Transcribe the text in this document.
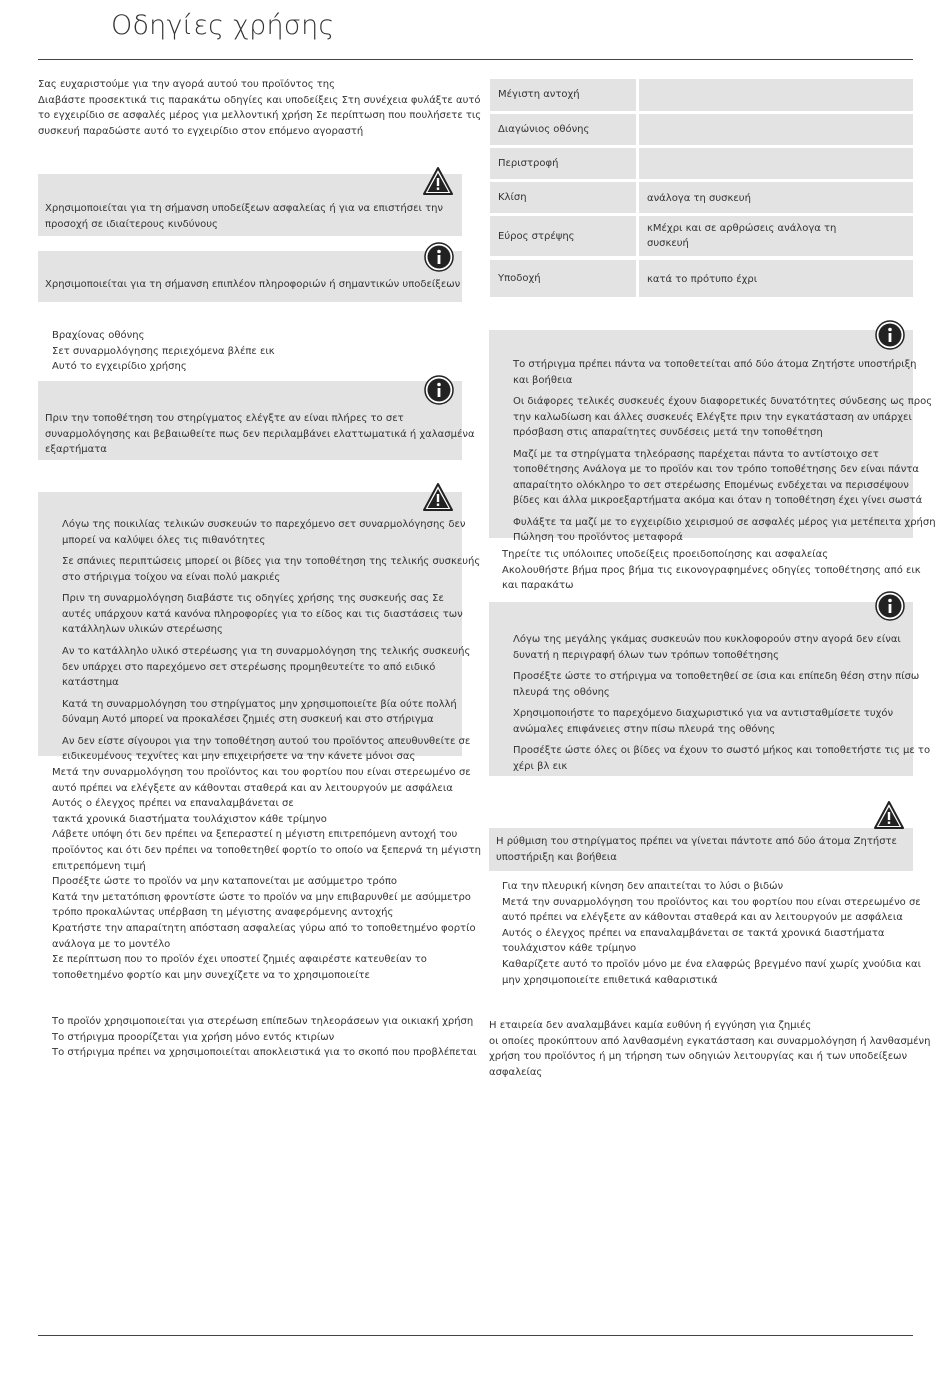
Οδηγίες χρήσης
Μέγιστη αντοχή
Διαγώνιος οθόνης
Περιστροφή
Κλίση	ανάλογα τη συσκευή
Εύρος στρέψης
κΜέχρι και σε αρθρώσεις ανάλογα τη
συσκευή
Υποδοχή	κατά το πρότυπο έχρι
Σας ευχαριστούμε για την αγορά αυτού του προϊόντος της
Διαβάστε προσεκτικά τις παρακάτω οδηγίες και υποδείξεις Στη συνέχεια φυλάξτε αυτό
το εγχειρίδιο σε ασφαλές μέρος για μελλοντική χρήση Σε περίπτωση που πουλήσετε τις
συσκευή παραδώστε αυτό το εγχειρίδιο στον επόμενο αγοραστή
Χρησιμοποιείται για τη σήμανση υποδείξεων ασφαλείας ή για να επιστήσει την
προσοχή σε ιδιαίτερους κινδύνους
Χρησιμοποιείται για τη σήμανση επιπλέον πληροφοριών ή σημαντικών υποδείξεων
Βραχίονας οθόνης
Σετ συναρμολόγησης περιεχόμενα βλέπε εικ
Αυτό το εγχειρίδιο χρήσης
Πριν την τοποθέτηση του στηρίγματος ελέγξτε αν είναι πλήρες το σετ
συναρμολόγησης και βεβαιωθείτε πως δεν περιλαμβάνει ελαττωματικά ή χαλασμένα
εξαρτήματα
Λόγω της ποικιλίας τελικών συσκευών το παρεχόμενο σετ συναρμολόγησης δεν
μπορεί να καλύψει όλες τις πιθανότητες
Σε σπάνιες περιπτώσεις μπορεί οι βίδες για την τοποθέτηση της τελικής συσκευής
στο στήριγμα τοίχου να είναι πολύ μακριές
Πριν τη συναρμολόγηση διαβάστε τις οδηγίες χρήσης της συσκευής σας Σε
αυτές υπάρχουν κατά κανόνα πληροφορίες για το είδος και τις διαστάσεις των
κατάλληλων υλικών στερέωσης
Αν το κατάλληλο υλικό στερέωσης για τη συναρμολόγηση της τελικής συσκευής
δεν υπάρχει στο παρεχόμενο σετ στερέωσης προμηθευτείτε το από ειδικό
κατάστημα
Κατά τη συναρμολόγηση του στηρίγματος μην χρησιμοποιείτε βία ούτε πολλή
δύναμη Αυτό μπορεί να προκαλέσει ζημιές στη συσκευή και στο στήριγμα
Αν δεν είστε σίγουροι για την τοποθέτηση αυτού του προϊόντος απευθυνθείτε σε
ειδικευμένους τεχνίτες και μην επιχειρήσετε να την κάνετε μόνοι σας
Μετά την συναρμολόγηση του προϊόντος και του φορτίου που είναι στερεωμένο σε
αυτό πρέπει να ελέγξετε αν κάθονται σταθερά και αν λειτουργούν με ασφάλεια
Αυτός ο έλεγχος πρέπει να επαναλαμβάνεται σε
τακτά χρονικά διαστήματα τουλάχιστον κάθε τρίμηνο
Λάβετε υπόψη ότι δεν πρέπει να ξεπεραστεί η μέγιστη επιτρεπόμενη αντοχή του
προϊόντος και ότι δεν πρέπει να τοποθετηθεί φορτίο το οποίο να ξεπερνά τη μέγιστη
επιτρεπόμενη τιμή
Προσέξτε ώστε το προϊόν να μην καταπονείται με ασύμμετρο τρόπο
Κατά την μετατόπιση φροντίστε ώστε το προϊόν να μην επιβαρυνθεί με ασύμμετρο
τρόπο προκαλώντας υπέρβαση τη μέγιστης αναφερόμενης αντοχής
Κρατήστε την απαραίτητη απόσταση ασφαλείας γύρω από το τοποθετημένο φορτίο
ανάλογα με το μοντέλο
Σε περίπτωση που το προϊόν έχει υποστεί ζημιές αφαιρέστε κατευθείαν το
τοποθετημένο φορτίο και μην συνεχίζετε να το χρησιμοποιείτε
Το προϊόν χρησιμοποιείται για στερέωση επίπεδων τηλεοράσεων για οικιακή χρήση
Το στήριγμα προορίζεται για χρήση μόνο εντός κτιρίων
Το στήριγμα πρέπει να χρησιμοποιείται αποκλειστικά για το σκοπό που προβλέπεται
Το στήριγμα πρέπει πάντα να τοποθετείται από δύο άτομα Ζητήστε υποστήριξη
και βοήθεια
Οι διάφορες τελικές συσκευές έχουν διαφορετικές δυνατότητες σύνδεσης ως προς
την καλωδίωση και άλλες συσκευές Ελέγξτε πριν την εγκατάσταση αν υπάρχει
πρόσβαση στις απαραίτητες συνδέσεις μετά την τοποθέτηση
Μαζί με τα στηρίγματα τηλεόρασης παρέχεται πάντα το αντίστοιχο σετ
τοποθέτησης Ανάλογα με το προϊόν και τον τρόπο τοποθέτησης δεν είναι πάντα
απαραίτητο ολόκληρο το σετ στερέωσης Επομένως ενδέχεται να περισσέψουν
βίδες και άλλα μικροεξαρτήματα ακόμα και όταν η τοποθέτηση έχει γίνει σωστά
Φυλάξτε τα μαζί με το εγχειρίδιο χειρισμού σε ασφαλές μέρος για μετέπειτα χρήση
Πώληση του προϊόντος μεταφορά
Τηρείτε τις υπόλοιπες υποδείξεις προειδοποίησης και ασφαλείας
Ακολουθήστε βήμα προς βήμα τις εικονογραφημένες οδηγίες τοποθέτησης από εικ
και παρακάτω
Λόγω της μεγάλης γκάμας συσκευών που κυκλοφορούν στην αγορά δεν είναι
δυνατή η περιγραφή όλων των τρόπων τοποθέτησης
Προσέξτε ώστε το στήριγμα να τοποθετηθεί σε ίσια και επίπεδη θέση στην πίσω
πλευρά της οθόνης
Χρησιμοποιήστε το παρεχόμενο διαχωριστικό για να αντισταθμίσετε τυχόν
ανώμαλες επιφάνειες στην πίσω πλευρά της οθόνης
Προσέξτε ώστε όλες οι βίδες να έχουν το σωστό μήκος και τοποθετήστε τις με το
χέρι βλ εικ
Η ρύθμιση του στηρίγματος πρέπει να γίνεται πάντοτε από δύο άτομα Ζητήστε
υποστήριξη και βοήθεια
Για την πλευρική κίνηση δεν απαιτείται το λύσι ο βιδών
Μετά την συναρμολόγηση του προϊόντος και του φορτίου που είναι στερεωμένο σε
αυτό πρέπει να ελέγξετε αν κάθονται σταθερά και αν λειτουργούν με ασφάλεια
Αυτός ο έλεγχος πρέπει να επαναλαμβάνεται σε τακτά χρονικά διαστήματα
τουλάχιστον κάθε τρίμηνο
Καθαρίζετε αυτό το προϊόν μόνο με ένα ελαφρώς βρεγμένο πανί χωρίς χνούδια και
μην χρησιμοποιείτε επιθετικά καθαριστικά
Η εταιρεία δεν αναλαμβάνει καμία ευθύνη ή εγγύηση για ζημιές
οι οποίες προκύπτουν από λανθασμένη εγκατάσταση και συναρμολόγηση ή λανθασμένη
χρήση του προϊόντος ή μη τήρηση των οδηγιών λειτουργίας και ή των υποδείξεων
ασφαλείας
